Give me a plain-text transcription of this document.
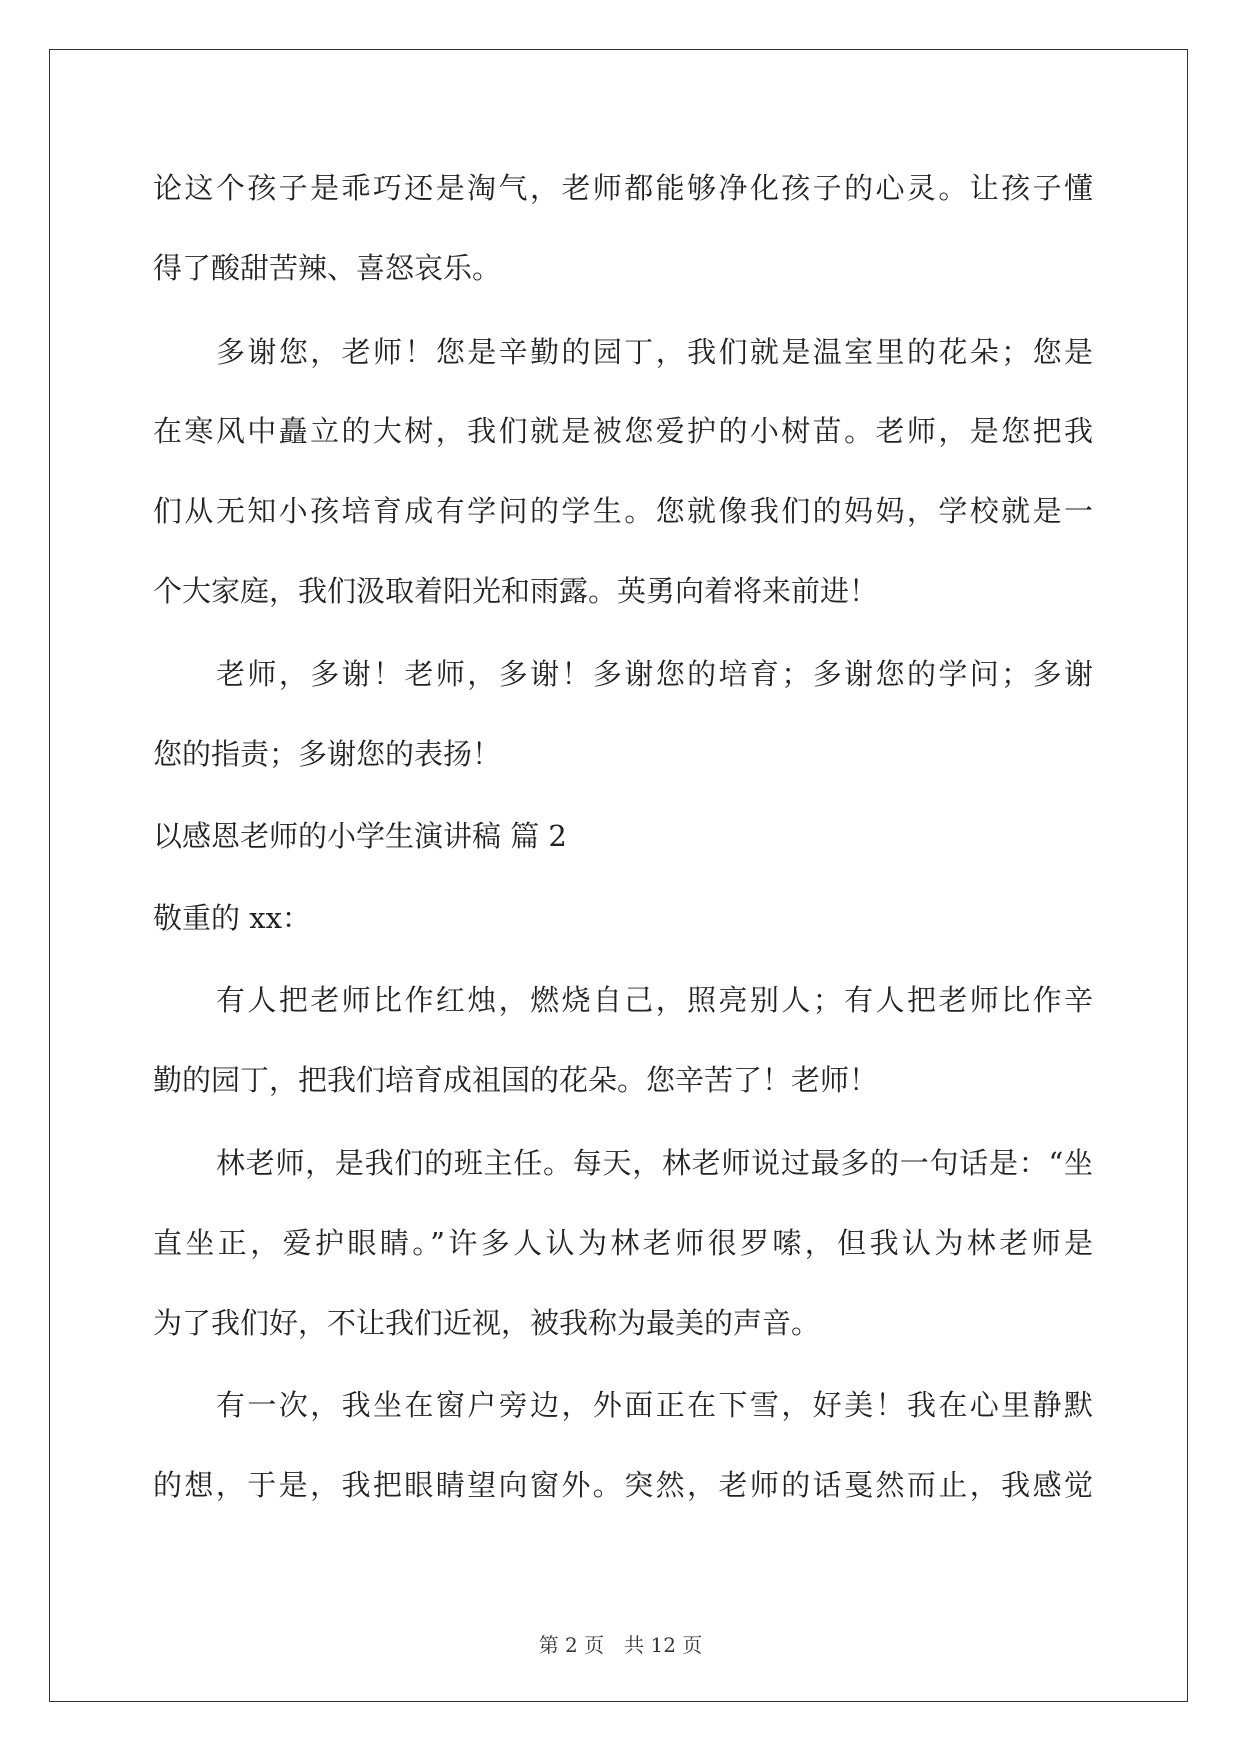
论这个孩子是乖巧还是淘气，老师都能够净化孩子的心灵。让孩子懂
得了酸甜苦辣、喜怒哀乐。
多谢您，老师！您是辛勤的园丁，我们就是温室里的花朵；您是
在寒风中矗立的大树，我们就是被您爱护的小树苗。老师，是您把我
们从无知小孩培育成有学问的学生。您就像我们的妈妈，学校就是一
个大家庭，我们汲取着阳光和雨露。英勇向着将来前进！
老师，多谢！老师，多谢！多谢您的培育；多谢您的学问；多谢
您的指责；多谢您的表扬！
以感恩老师的小学生演讲稿 篇 2
敬重的 xx：
有人把老师比作红烛，燃烧自己，照亮别人；有人把老师比作辛
勤的园丁，把我们培育成祖国的花朵。您辛苦了！老师！
林老师，是我们的班主任。每天，林老师说过最多的一句话是：“坐
直坐正，爱护眼睛。”许多人认为林老师很罗嗦，但我认为林老师是
为了我们好，不让我们近视，被我称为最美的声音。
有一次，我坐在窗户旁边，外面正在下雪，好美！我在心里静默
的想，于是，我把眼睛望向窗外。突然，老师的话戛然而止，我感觉
第 2 页　共 12 页
